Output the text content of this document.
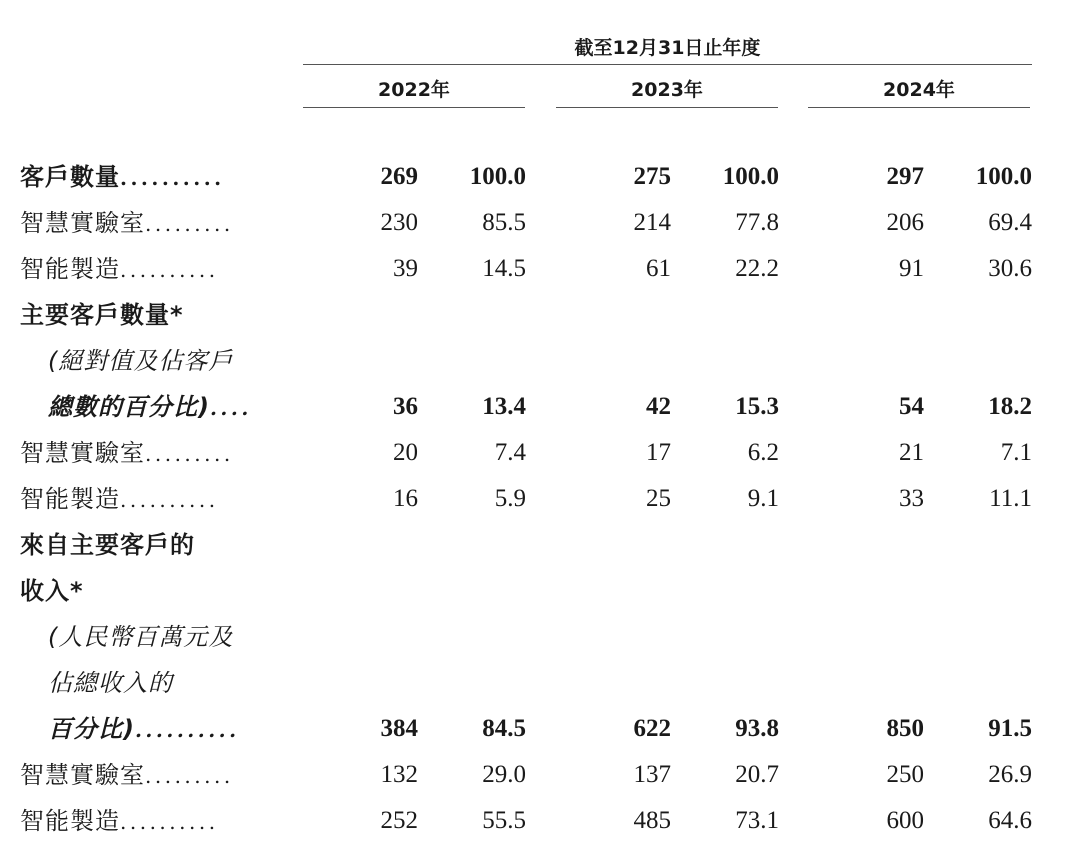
截至12月31日止年度
2022年	2023年	2024年
客戶數量..........	269	100.0	275	100.0	297	100.0
智慧實驗室.........	230	85.5	214	77.8	206	69.4
智能製造..........	39	14.5	61	22.2	91	30.6
主要客戶數量*
(絕對值及佔客戶
總數的百分比)....	36	13.4	42	15.3	54	18.2
智慧實驗室.........	20	7.4	17	6.2	21	7.1
智能製造..........	16	5.9	25	9.1	33	11.1
來自主要客戶的
收入*
(人民幣百萬元及
佔總收入的
百分比)..........	384	84.5	622	93.8	850	91.5
智慧實驗室.........	132	29.0	137	20.7	250	26.9
智能製造..........	252	55.5	485	73.1	600	64.6
